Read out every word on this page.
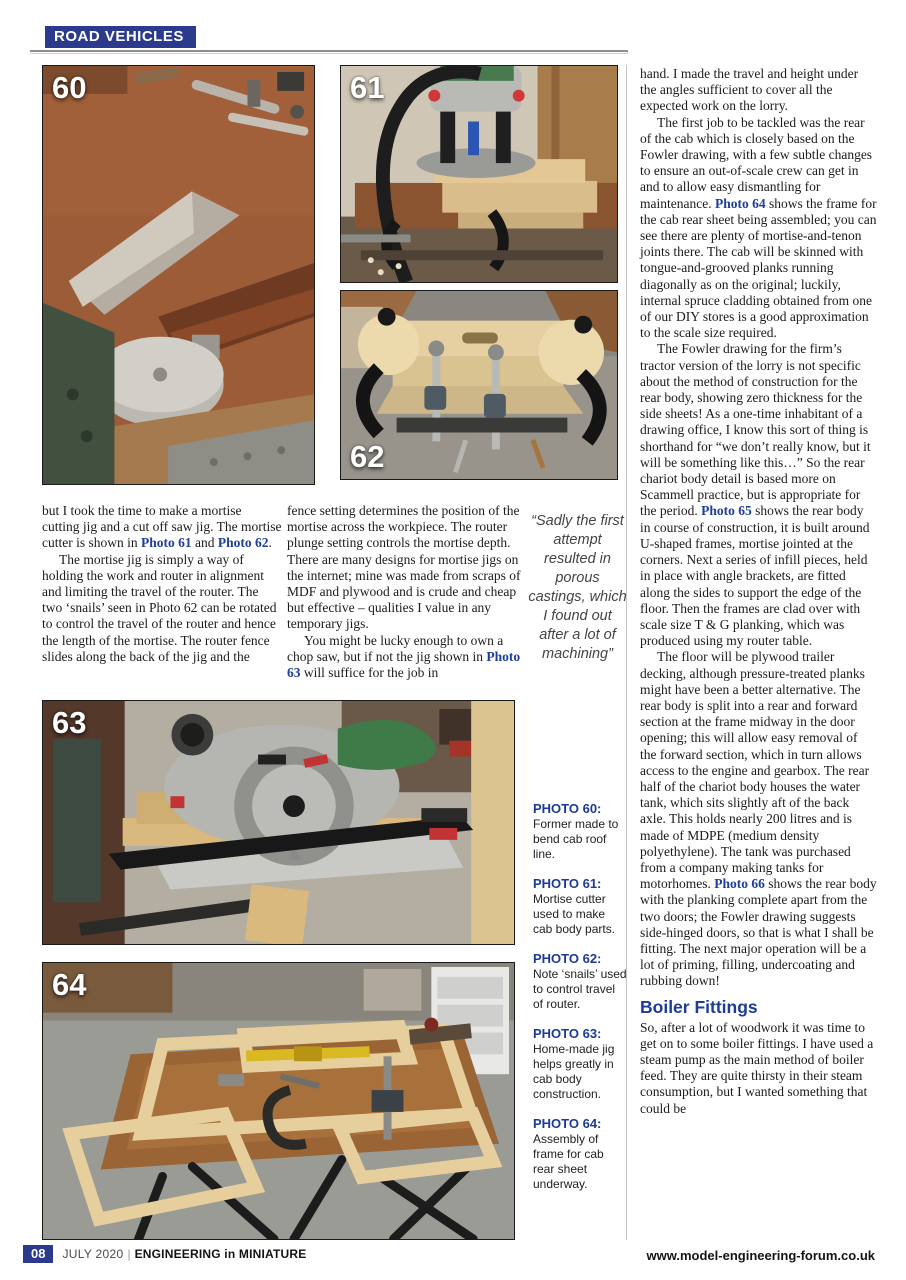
ROAD VEHICLES
60	61
62

but I took the time to make a mortise cutting jig and a cut off saw jig. The mortise cutter is shown in Photo 61 and Photo 62.

The mortise jig is simply a way of holding the work and router in alignment and limiting the travel of the router. The two ‘snails’ seen in Photo 62 can be rotated to control the travel of the router and hence the length of the mortise. The router fence slides along the back of the jig and the

fence setting determines the position of the mortise across the workpiece. The router plunge setting controls the mortise depth. There are many designs for mortise jigs on the internet; mine was made from scraps of MDF and plywood and is crude and cheap but effective – qualities I value in any temporary jigs.

You might be lucky enough to own a chop saw, but if not the jig shown in Photo 63 will suffice for the job in

“Sadly the first attempt resulted in porous castings, which I found out after a lot of machining”
PHOTO 60:
Former made to bend cab roof line.
PHOTO 61:
Mortise cutter used to make cab body parts.
PHOTO 62:
Note ‘snails’ used to control travel of router.
PHOTO 63:
Home-made jig helps greatly in cab body construction.
PHOTO 64:
Assembly of frame for cab rear sheet underway.
63
64

hand. I made the travel and height under the angles sufficient to cover all the expected work on the lorry.

The first job to be tackled was the rear of the cab which is closely based on the Fowler drawing, with a few subtle changes to ensure an out-of-scale crew can get in and to allow easy dismantling for maintenance. Photo 64 shows the frame for the cab rear sheet being assembled; you can see there are plenty of mortise-and-tenon joints there. The cab will be skinned with tongue-and-grooved planks running diagonally as on the original; luckily, internal spruce cladding obtained from one of our DIY stores is a good approximation to the scale size required.

The Fowler drawing for the firm’s tractor version of the lorry is not specific about the method of construction for the rear body, showing zero thickness for the side sheets! As a one-time inhabitant of a drawing office, I know this sort of thing is shorthand for “we don’t really know, but it will be something like this…” So the rear chariot body detail is based more on Scammell practice, but is appropriate for the period. Photo 65 shows the rear body in course of construction, it is built around U-shaped frames, mortise jointed at the corners. Next a series of infill pieces, held in place with angle brackets, are fitted along the sides to support the edge of the floor. Then the frames are clad over with scale size T & G planking, which was produced using my router table.

The floor will be plywood trailer decking, although pressure-treated planks might have been a better alternative. The rear body is split into a rear and forward section at the frame midway in the door opening; this will allow easy removal of the forward section, which in turn allows access to the engine and gearbox. The rear half of the chariot body houses the water tank, which sits slightly aft of the back axle. This holds nearly 200 litres and is made of MDPE (medium density polyethylene). The tank was purchased from a company making tanks for motorhomes. Photo 66 shows the rear body with the planking complete apart from the two doors; the Fowler drawing suggests side-hinged doors, so that is what I shall be fitting. The next major operation will be a lot of priming, filling, undercoating and rubbing down!

Boiler Fittings

So, after a lot of woodwork it was time to get on to some boiler fittings. I have used a steam pump as the main method of boiler feed. They are quite thirsty in their steam consumption, but I wanted something that could be

08	JULY 2020 | ENGINEERING in MINIATURE	www.model-engineering-forum.co.uk
